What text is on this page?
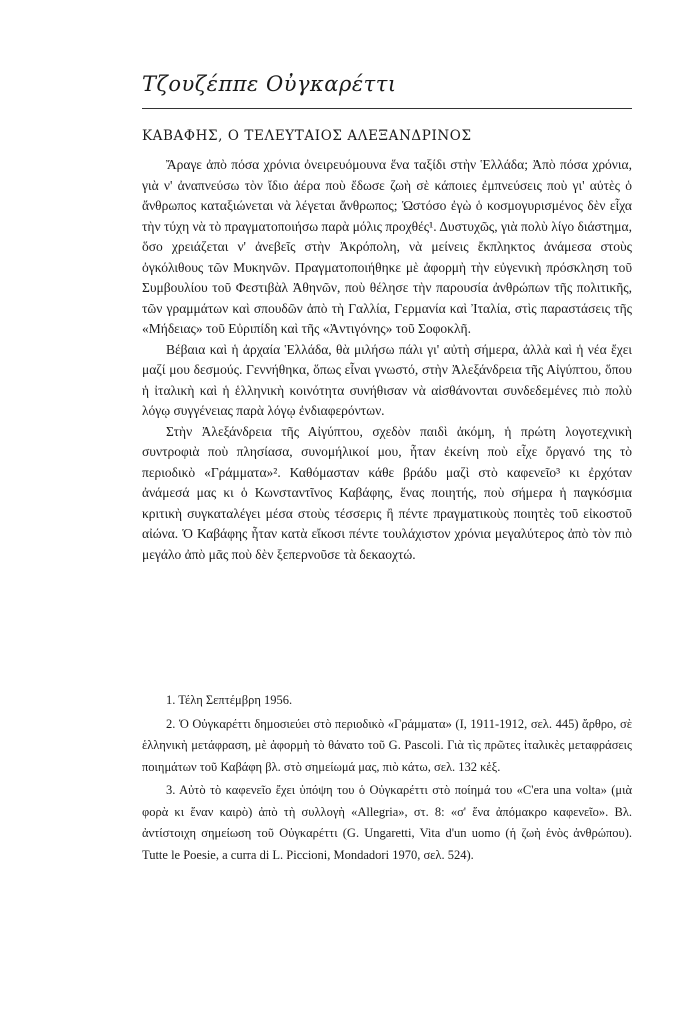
Τζουζέππε Οὐγκαρέττι
ΚΑΒΑΦΗΣ, Ο ΤΕΛΕΥΤΑΙΟΣ ΑΛΕΞΑΝΔΡΙΝΟΣ

Ἄραγε ἀπὸ πόσα χρόνια ὀνειρευόμουνα ἕνα ταξίδι στὴν Ἑλλάδα; Ἀπὸ πόσα χρόνια, γιὰ ν' ἀναπνεύσω τὸν ἴδιο ἀέρα ποὺ ἔδωσε ζωὴ σὲ κάποιες ἐμπνεύσεις ποὺ γι' αὐτὲς ὁ ἄνθρωπος καταξιώνεται νὰ λέγεται ἄνθρωπος; Ὡστόσο ἐγὼ ὁ κοσμογυρισμένος δὲν εἶχα τὴν τύχη νὰ τὸ πραγματοποιήσω παρὰ μόλις προχθές¹. Δυστυχῶς, γιὰ πολὺ λίγο διάστημα, ὅσο χρειάζεται ν' ἀνεβεῖς στὴν Ἀκρόπολη, νὰ μείνεις ἔκπληκτος ἀνάμεσα στοὺς ὀγκόλιθους τῶν Μυκηνῶν. Πραγματοποιήθηκε μὲ ἀφορμὴ τὴν εὐγενικὴ πρόσκληση τοῦ Συμβουλίου τοῦ Φεστιβὰλ Ἀθηνῶν, ποὺ θέλησε τὴν παρουσία ἀνθρώπων τῆς πολιτικῆς, τῶν γραμμάτων καὶ σπουδῶν ἀπὸ τὴ Γαλλία, Γερμανία καὶ Ἰταλία, στὶς παραστάσεις τῆς «Μήδειας» τοῦ Εὐριπίδη καὶ τῆς «Ἀντιγόνης» τοῦ Σοφοκλῆ.

Βέβαια καὶ ἡ ἀρχαία Ἑλλάδα, θὰ μιλήσω πάλι γι' αὐτὴ σήμερα, ἀλλὰ καὶ ἡ νέα ἔχει μαζί μου δεσμούς. Γεννήθηκα, ὅπως εἶναι γνωστό, στὴν Ἀλεξάνδρεια τῆς Αἰγύπτου, ὅπου ἡ ἰταλικὴ καὶ ἡ ἑλληνικὴ κοινότητα συνήθισαν νὰ αἰσθάνονται συνδεδεμένες πιὸ πολὺ λόγῳ συγγένειας παρὰ λόγῳ ἐνδιαφερόντων.

Στὴν Ἀλεξάνδρεια τῆς Αἰγύπτου, σχεδὸν παιδὶ ἀκόμη, ἡ πρώτη λογοτεχνικὴ συντροφιὰ ποὺ πλησίασα, συνομήλικοί μου, ἦταν ἐκείνη ποὺ εἶχε ὄργανό της τὸ περιοδικὸ «Γράμματα»². Καθόμασταν κάθε βράδυ μαζὶ στὸ καφενεῖο³ κι ἐρχόταν ἀνάμεσά μας κι ὁ Κωνσταντῖνος Καβάφης, ἕνας ποιητής, ποὺ σήμερα ἡ παγκόσμια κριτικὴ συγκαταλέγει μέσα στοὺς τέσσερις ἢ πέντε πραγματικοὺς ποιητὲς τοῦ εἰκοστοῦ αἰώνα. Ὁ Καβάφης ἦταν κατὰ εἴκοσι πέντε τουλάχιστον χρόνια μεγαλύτερος ἀπὸ τὸν πιὸ μεγάλο ἀπὸ μᾶς ποὺ δὲν ξεπερνοῦσε τὰ δεκαοχτώ.

1. Τέλη Σεπτέμβρη 1956.

2. Ὁ Οὐγκαρέττι δημοσιεύει στὸ περιοδικὸ «Γράμματα» (Ι, 1911-1912, σελ. 445) ἄρθρο, σὲ ἑλληνικὴ μετάφραση, μὲ ἀφορμὴ τὸ θάνατο τοῦ G. Pascoli. Γιὰ τὶς πρῶτες ἰταλικὲς μεταφράσεις ποιημάτων τοῦ Καβάφη βλ. στὸ σημείωμά μας, πιὸ κάτω, σελ. 132 κἑξ.

3. Αὐτὸ τὸ καφενεῖο ἔχει ὑπόψη του ὁ Οὐγκαρέττι στὸ ποίημά του «C'era una volta» (μιὰ φορὰ κι ἕναν καιρὸ) ἀπὸ τὴ συλλογὴ «Allegria», στ. 8: «σ' ἕνα ἀπόμακρο καφενεῖο». Βλ. ἀντίστοιχη σημείωση τοῦ Οὐγκαρέττι (G. Ungaretti, Vita d'un uomo (ἡ ζωὴ ἑνὸς ἀνθρώπου). Tutte le Poesie, a curra di L. Piccioni, Mondadori 1970, σελ. 524).
